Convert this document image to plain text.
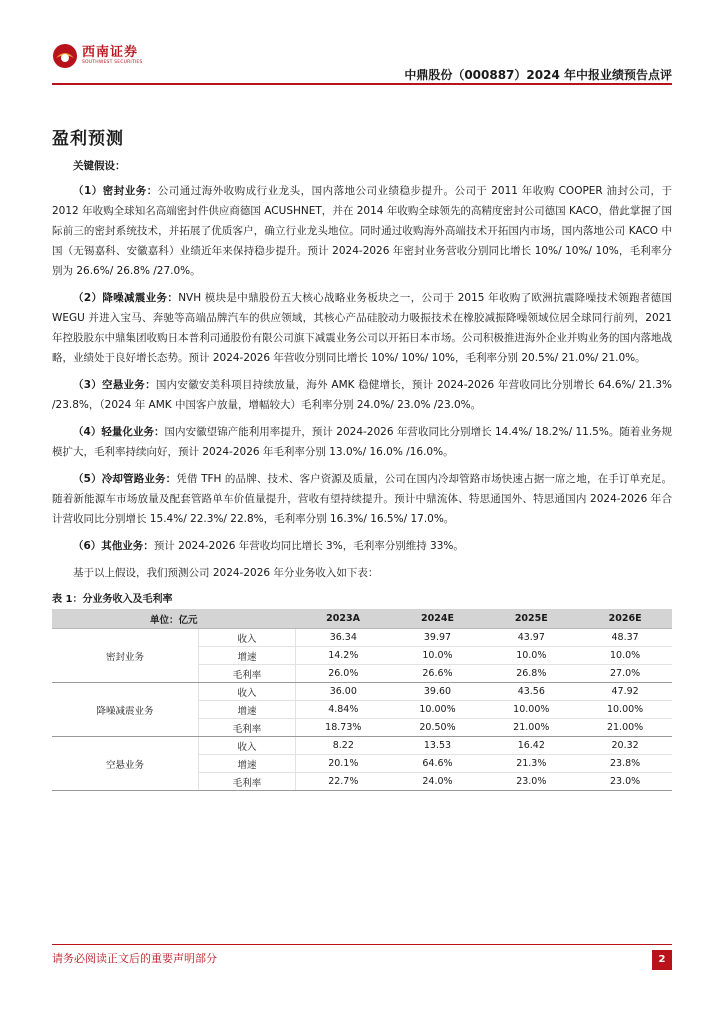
西南证券
SOUTHWEST SECURITIES
中鼎股份（000887）2024 年中报业绩预告点评
盈利预测

关键假设：

（1）密封业务：公司通过海外收购成行业龙头，国内落地公司业绩稳步提升。公司于 2011 年收购 COOPER 油封公司，于 2012 年收购全球知名高端密封件供应商德国 ACUSHNET，并在 2014 年收购全球领先的高精度密封公司德国 KACO，借此掌握了国际前三的密封系统技术，并拓展了优质客户，确立行业龙头地位。同时通过收购海外高端技术开拓国内市场，国内落地公司 KACO 中国（无锡嘉科、安徽嘉科）业绩近年来保持稳步提升。预计 2024-2026 年密封业务营收分别同比增长 10%/ 10%/ 10%，毛利率分别为 26.6%/ 26.8% /27.0%。

（2）降噪减震业务：NVH 模块是中鼎股份五大核心战略业务板块之一，公司于 2015 年收购了欧洲抗震降噪技术领跑者德国 WEGU 并进入宝马、奔驰等高端品牌汽车的供应领域，其核心产品硅胶动力吸振技术在橡胶减振降噪领域位居全球同行前列，2021 年控股股东中鼎集团收购日本普利司通股份有限公司旗下减震业务公司以开拓日本市场。公司积极推进海外企业并购业务的国内落地战略，业绩处于良好增长态势。预计 2024-2026 年营收分别同比增长 10%/ 10%/ 10%，毛利率分别 20.5%/ 21.0%/ 21.0%。

（3）空悬业务：国内安徽安美科项目持续放量，海外 AMK 稳健增长，预计 2024-2026 年营收同比分别增长 64.6%/ 21.3% /23.8%，（2024 年 AMK 中国客户放量，增幅较大）毛利率分别 24.0%/ 23.0% /23.0%。

（4）轻量化业务：国内安徽望锦产能利用率提升，预计 2024-2026 年营收同比分别增长 14.4%/ 18.2%/ 11.5%。随着业务规模扩大，毛利率持续向好，预计 2024-2026 年毛利率分别 13.0%/ 16.0% /16.0%。

（5）冷却管路业务：凭借 TFH 的品牌、技术、客户资源及质量，公司在国内冷却管路市场快速占据一席之地，在手订单充足。随着新能源车市场放量及配套管路单车价值量提升，营收有望持续提升。预计中鼎流体、特思通国外、特思通国内 2024-2026 年合计营收同比分别增长 15.4%/ 22.3%/ 22.8%，毛利率分别 16.3%/ 16.5%/ 17.0%。

（6）其他业务：预计 2024-2026 年营收均同比增长 3%，毛利率分别维持 33%。

基于以上假设，我们预测公司 2024-2026 年分业务收入如下表：

表 1：分业务收入及毛利率
单位：亿元		2023A	2024E	2025E	2026E
密封业务	收入	36.34	39.97	43.97	48.37
	增速	14.2%	10.0%	10.0%	10.0%
	毛利率	26.0%	26.6%	26.8%	27.0%
降噪减震业务	收入	36.00	39.60	43.56	47.92
	增速	4.84%	10.00%	10.00%	10.00%
	毛利率	18.73%	20.50%	21.00%	21.00%
空悬业务	收入	8.22	13.53	16.42	20.32
	增速	20.1%	64.6%	21.3%	23.8%
	毛利率	22.7%	24.0%	23.0%	23.0%
请务必阅读正文后的重要声明部分	2
